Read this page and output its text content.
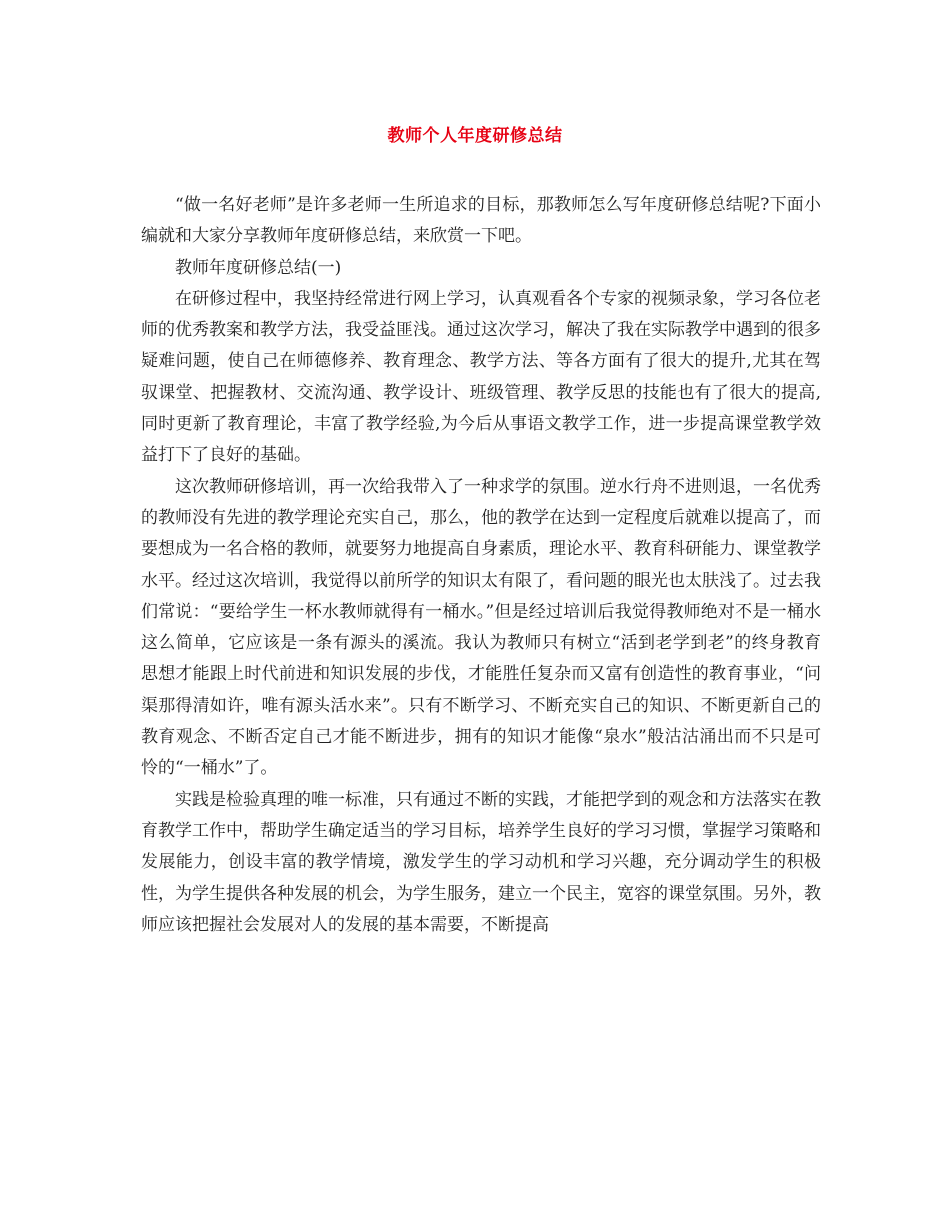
教师个人年度研修总结

“做一名好老师”是许多老师一生所追求的目标，那教师怎么写年度研修总结呢?下面小编就和大家分享教师年度研修总结，来欣赏一下吧。

教师年度研修总结(一)

在研修过程中，我坚持经常进行网上学习，认真观看各个专家的视频录象，学习各位老师的优秀教案和教学方法，我受益匪浅。通过这次学习，解决了我在实际教学中遇到的很多疑难问题，使自己在师德修养、教育理念、教学方法、等各方面有了很大的提升,尤其在驾驭课堂、把握教材、交流沟通、教学设计、班级管理、教学反思的技能也有了很大的提高,同时更新了教育理论，丰富了教学经验,为今后从事语文教学工作，进一步提高课堂教学效益打下了良好的基础。

这次教师研修培训，再一次给我带入了一种求学的氛围。逆水行舟不进则退，一名优秀的教师没有先进的教学理论充实自己，那么，他的教学在达到一定程度后就难以提高了，而要想成为一名合格的教师，就要努力地提高自身素质，理论水平、教育科研能力、课堂教学水平。经过这次培训，我觉得以前所学的知识太有限了，看问题的眼光也太肤浅了。过去我们常说：“要给学生一杯水教师就得有一桶水。”但是经过培训后我觉得教师绝对不是一桶水这么简单，它应该是一条有源头的溪流。我认为教师只有树立“活到老学到老”的终身教育思想才能跟上时代前进和知识发展的步伐，才能胜任复杂而又富有创造性的教育事业，“问渠那得清如许，唯有源头活水来”。只有不断学习、不断充实自己的知识、不断更新自己的教育观念、不断否定自己才能不断进步，拥有的知识才能像“泉水”般沽沽涌出而不只是可怜的“一桶水”了。

实践是检验真理的唯一标准，只有通过不断的实践，才能把学到的观念和方法落实在教育教学工作中，帮助学生确定适当的学习目标，培养学生良好的学习习惯，掌握学习策略和发展能力，创设丰富的教学情境，激发学生的学习动机和学习兴趣，充分调动学生的积极性，为学生提供各种发展的机会，为学生服务，建立一个民主，宽容的课堂氛围。另外，教师应该把握社会发展对人的发展的基本需要，不断提高
